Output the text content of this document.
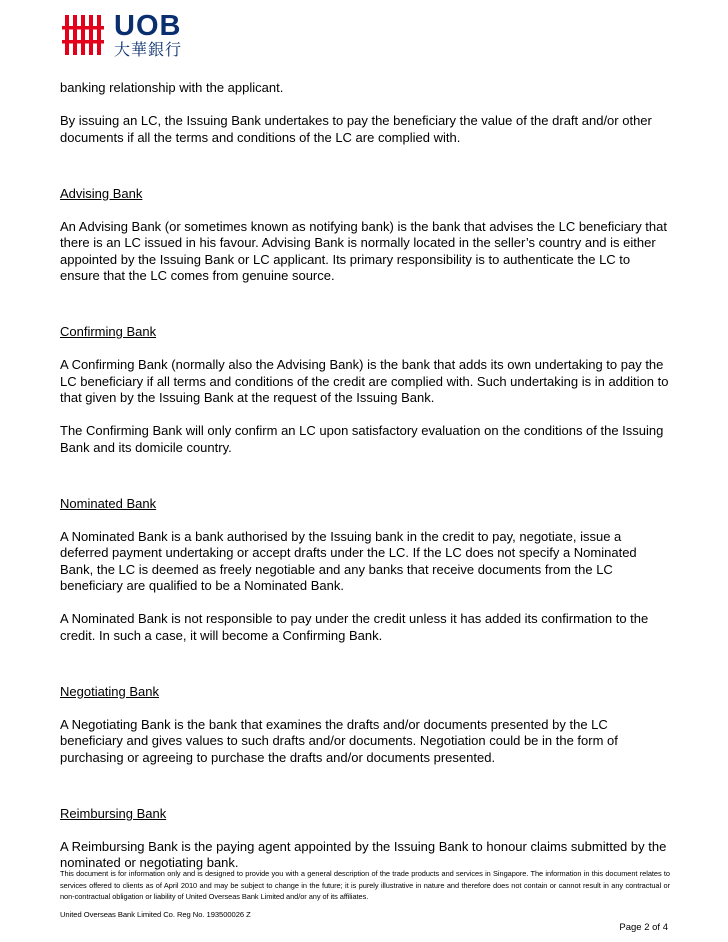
UOB
大華銀行

banking relationship with the applicant.

By issuing an LC, the Issuing Bank undertakes to pay the beneficiary the value of the draft and/or other documents if all the terms and conditions of the LC are complied with.

Advising Bank

An Advising Bank (or sometimes known as notifying bank) is the bank that advises the LC beneficiary that there is an LC issued in his favour. Advising Bank is normally located in the seller’s country and is either appointed by the Issuing Bank or LC applicant. Its primary responsibility is to authenticate the LC to ensure that the LC comes from genuine source.

Confirming Bank

A Confirming Bank (normally also the Advising Bank) is the bank that adds its own undertaking to pay the LC beneficiary if all terms and conditions of the credit are complied with. Such undertaking is in addition to that given by the Issuing Bank at the request of the Issuing Bank.

The Confirming Bank will only confirm an LC upon satisfactory evaluation on the conditions of the Issuing Bank and its domicile country.

Nominated Bank

A Nominated Bank is a bank authorised by the Issuing bank in the credit to pay, negotiate, issue a deferred payment undertaking or accept drafts under the LC. If the LC does not specify a Nominated Bank, the LC is deemed as freely negotiable and any banks that receive documents from the LC beneficiary are qualified to be a Nominated Bank.

A Nominated Bank is not responsible to pay under the credit unless it has added its confirmation to the credit. In such a case, it will become a Confirming Bank.

Negotiating Bank

A Negotiating Bank is the bank that examines the drafts and/or documents presented by the LC beneficiary and gives values to such drafts and/or documents. Negotiation could be in the form of purchasing or agreeing to purchase the drafts and/or documents presented.

Reimbursing Bank

A Reimbursing Bank is the paying agent appointed by the Issuing Bank to honour claims submitted by the nominated or negotiating bank.

This document is for information only and is designed to provide you with a general description of the trade products and services in Singapore. The information in this document relates to services offered to clients as of April 2010 and may be subject to change in the future; it is purely illustrative in nature and therefore does not contain or cannot result in any contractual or non-contractual obligation or liability of United Overseas Bank Limited and/or any of its affiliates.
United Overseas Bank Limited Co. Reg No. 193500026 Z
Page 2 of 4
